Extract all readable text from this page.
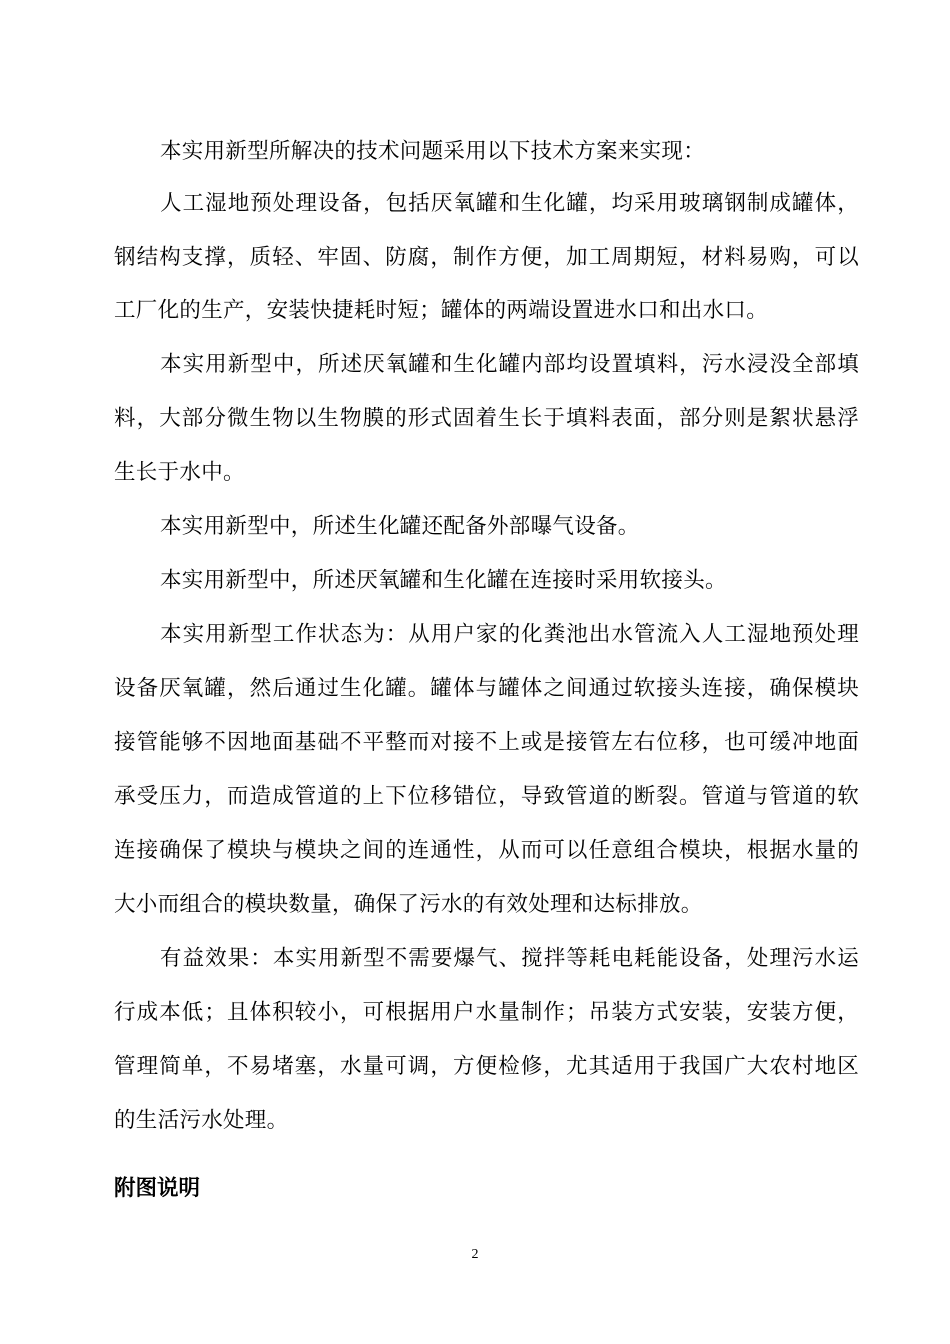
本实用新型所解决的技术问题采用以下技术方案来实现：
人工湿地预处理设备，包括厌氧罐和生化罐，均采用玻璃钢制成罐体，
钢结构支撑，质轻、牢固、防腐，制作方便，加工周期短，材料易购，可以
工厂化的生产，安装快捷耗时短；罐体的两端设置进水口和出水口。
本实用新型中，所述厌氧罐和生化罐内部均设置填料，污水浸没全部填
料，大部分微生物以生物膜的形式固着生长于填料表面，部分则是絮状悬浮
生长于水中。
本实用新型中，所述生化罐还配备外部曝气设备。
本实用新型中，所述厌氧罐和生化罐在连接时采用软接头。
本实用新型工作状态为：从用户家的化粪池出水管流入人工湿地预处理
设备厌氧罐，然后通过生化罐。罐体与罐体之间通过软接头连接，确保模块
接管能够不因地面基础不平整而对接不上或是接管左右位移，也可缓冲地面
承受压力，而造成管道的上下位移错位，导致管道的断裂。管道与管道的软
连接确保了模块与模块之间的连通性，从而可以任意组合模块，根据水量的
大小而组合的模块数量，确保了污水的有效处理和达标排放。
有益效果：本实用新型不需要爆气、搅拌等耗电耗能设备，处理污水运
行成本低；且体积较小，可根据用户水量制作；吊装方式安装，安装方便，
管理简单，不易堵塞，水量可调，方便检修，尤其适用于我国广大农村地区
的生活污水处理。
附图说明
2
